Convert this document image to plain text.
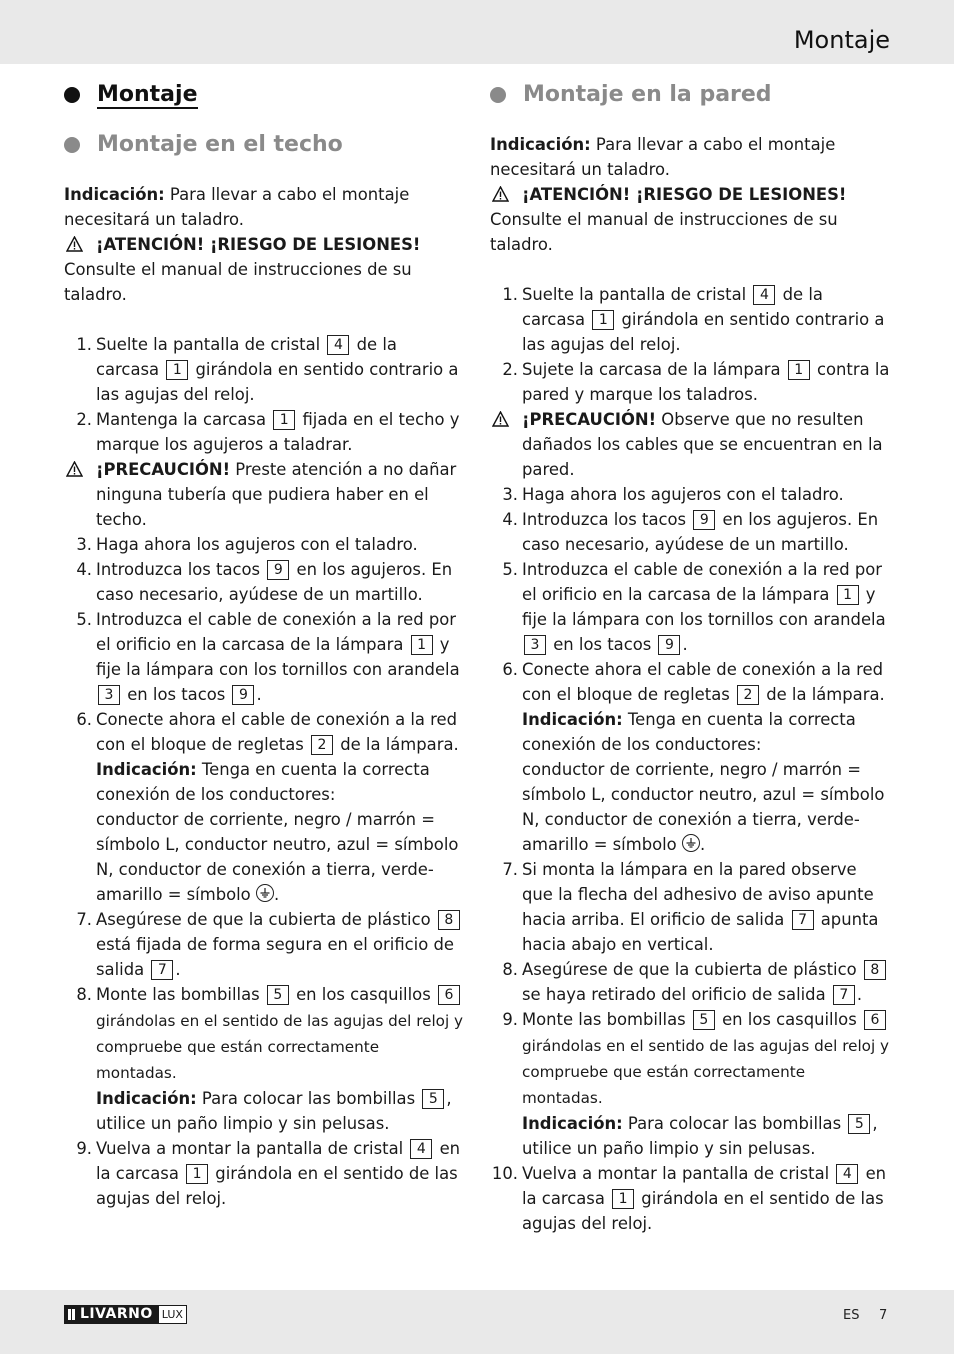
Montaje
Montaje
Montaje en el techo

Indicación: Para llevar a cabo el montaje necesitará un taladro.

¡ATENCIÓN! ¡RIESGO DE LESIONES!

Consulte el manual de instrucciones de su taladro.

1. Suelte la pantalla de cristal 4 de la carcasa 1 girándola en sentido contrario a las agujas del reloj.
2. Mantenga la carcasa 1 fijada en el techo y marque los agujeros a taladrar.
¡PRECAUCIÓN! Preste atención a no dañar ninguna tubería que pudiera haber en el techo.
3. Haga ahora los agujeros con el taladro.
4. Introduzca los tacos 9 en los agujeros. En caso necesario, ayúdese de un martillo.
5. Introduzca el cable de conexión a la red por el orificio en la carcasa de la lámpara 1 y fije la lámpara con los tornillos con arandela 3 en los tacos 9 .
6. Conecte ahora el cable de conexión a la red con el bloque de regletas 2 de la lámpara.
Indicación: Tenga en cuenta la correcta conexión de los conductores:
conductor de corriente, negro / marrón = símbolo L, conductor neutro, azul = símbolo N, conductor de conexión a tierra, verde-amarillo = símbolo .
7. Asegúrese de que la cubierta de plástico 8 está fijada de forma segura en el orificio de salida 7 .
8. Monte las bombillas 5 en los casquillos 6 girándolas en el sentido de las agujas del reloj y compruebe que están correctamente montadas.
Indicación: Para colocar las bombillas 5 , utilice un paño limpio y sin pelusas.
9. Vuelva a montar la pantalla de cristal 4 en la carcasa 1 girándola en el sentido de las agujas del reloj.
Montaje en la pared

Indicación: Para llevar a cabo el montaje necesitará un taladro.

¡ATENCIÓN! ¡RIESGO DE LESIONES!

Consulte el manual de instrucciones de su taladro.

1. Suelte la pantalla de cristal 4 de la carcasa 1 girándola en sentido contrario a las agujas del reloj.
2. Sujete la carcasa de la lámpara 1 contra la pared y marque los taladros.
¡PRECAUCIÓN! Observe que no resulten dañados los cables que se encuentran en la pared.
3. Haga ahora los agujeros con el taladro.
4. Introduzca los tacos 9 en los agujeros. En caso necesario, ayúdese de un martillo.
5. Introduzca el cable de conexión a la red por el orificio en la carcasa de la lámpara 1 y fije la lámpara con los tornillos con arandela 3 en los tacos 9 .
6. Conecte ahora el cable de conexión a la red con el bloque de regletas 2 de la lámpara.
Indicación: Tenga en cuenta la correcta conexión de los conductores:
conductor de corriente, negro / marrón = símbolo L, conductor neutro, azul = símbolo N, conductor de conexión a tierra, verde-amarillo = símbolo .
7. Si monta la lámpara en la pared observe que la flecha del adhesivo de aviso apunte hacia arriba. El orificio de salida 7 apunta hacia abajo en vertical.
8. Asegúrese de que la cubierta de plástico 8 se haya retirado del orificio de salida 7 .
9. Monte las bombillas 5 en los casquillos 6 girándolas en el sentido de las agujas del reloj y compruebe que están correctamente montadas.
Indicación: Para colocar las bombillas 5 , utilice un paño limpio y sin pelusas.
10. Vuelva a montar la pantalla de cristal 4 en la carcasa 1 girándola en el sentido de las agujas del reloj.
LIVARNO LUX	ES 7
